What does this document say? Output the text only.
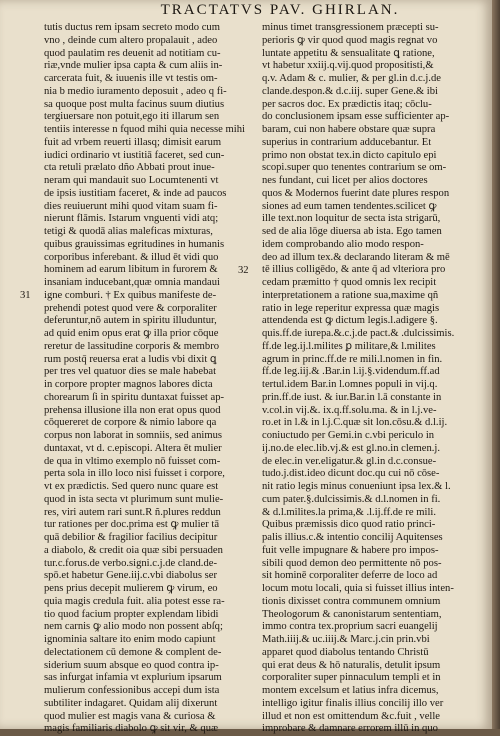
TRACTATVS PAV. GHIRLAN.
31
32
tutis ductus rem ipsam secreto modo cum
vno , deinde cum altero propalauit , adeo
quod paulatim res deuenit ad notitiam cu-
riæ,vnde mulier ipsa capta & cum aliis in-
carcerata fuit, & iuuenis ille vt testis om-
nia b medio iuramento deposuit , adeo q fi-
sa quoque post multa facinus suum diutius
tergiuersare non potuit,ego iti illarum sen
tentiis interesse n fquod mihi quia necesse mihi
fuit ad vrbem reuerti illasq; dimisit earum
iudici ordinario vt iustitiā faceret, sed cun-
cta retuli prælato dño Abbati prout inue-
neram qui mandauit suo Locumtenenti vt
de ipsis iustitiam faceret, & inde ad paucos
dies reuiuerunt mihi quod vitam suam fi-
nierunt flāmis. Istarum vnguenti vidi atq;
tetigi & quodā alias maleficas mixturas,
quibus grauissimas egritudines in humanis
corporibus inferebant. & illud ēt vidi quo
hominem ad earum libitum in furorem &
insaniam inducebant,quæ omnia mandaui
igne comburi. † Ex quibus manifeste de-
prehendi potest quod vere & corporaliter
deferuntur,nō autem in spiritu illuduntur,
ad quid enim opus erat ꝙ illa prior cōque
reretur de lassitudine corporis & membro
rum postq̄ reuersa erat a ludis vbi dixit ꝗ
per tres vel quatuor dies se male habebat
in corpore propter magnos labores dicta
chorearum ſi in spiritu duntaxat fuisset ap-
prehensa illusione illa non erat opus quod
cōquereret de corpore & nimio labore qa
corpus non laborat in somniis, sed animus
duntaxat, vt d. c.episcopi. Altera ēt mulier
de qua in vltimo exemplo nō fuisset com-
perta sola in illo loco nisi fuisset i corpore,
vt ex prædictis. Sed quero nunc quare est
quod in ista secta vt plurimum sunt mulie-
res, viri autem rari sunt.R ñ.plures reddun
tur rationes per doc.prima est ꝙ mulier tā
quā debilior & fragilior facilius decipitur
a diabolo, & credit oia quæ sibi persuaden
tur.c.forus.de verbo.signi.c.j.de cland.de-
spō.et habetur Gene.iij.c.vbi diabolus ser
pens prius decepit mulierem ꝙ virum, eo
quia magis credula fuit. alia potest esse ra-
tio quod facium propter explendam libidi
nem carnis ꝙ alio modo non possent abſq;
ignominia saltare ito enim modo capiunt
delectationem cū demone & complent de-
siderium suum absque eo quod contra ip-
sas infurgat infamia vt explurium ipsarum
mulierum confessionibus accepi dum ista
subtiliter indagaret. Quidam alij dixerunt
quod mulier est magis vana & curiosa &
magis familiaris diabolo ꝙ sit vir, & quæ
minus timet transgressionem præcepti su-
perioris ꝙ vir quod quod magis regnat vo
luntate appetitu & sensualitate ꝗ ratione,
vt habetur xxiij.q.vij.quod propositisti,&
q.v. Adam & c. mulier, & per gl.in d.c.j.de
clande.despon.& d.c.iij. super Gene.& ibi
per sacros doc. Ex prædictis itaq; cōclu-
do conclusionem ipsam esse sufficienter ap-
baram, cui non habere obstare quæ supra
superius in contrarium adducebantur. Et
primo non obstat tex.in dicto capitulo epi
scopi.super quo tenentes contrarium se om-
nes fundant, cui licet per alios doctores
quos & Modernos fuerint date plures respon
siones ad eum tamen tendentes.scilicet ꝙ
ille text.non loquitur de secta ista strigarū,
sed de alia lōge diuersa ab ista. Ego tamen
idem comprobando alio modo respon-
deo ad illum tex.& declarando literam & mē
tē illius colligēdo, & ante q̄ ad vlteriora pro
cedam præmitto † quod omnis lex recipit
interpretationem a ratione sua,maxime qñ
ratio in lege reperitur expressa quæ magis
attendenda est ꝙ dictum legis.l.adigere §.
quis.ff.de iurepa.&.c.j.de pact.& .dulcissimis.
ff.de leg.ij.l.milites ꝑ militare,& l.milites
agrum in princ.ff.de re mili.l.nomen in fin.
ff.de leg.iij.& .Bar.in l.ij.§.videndum.ff.ad
tertul.idem Bar.in l.omnes populi in vij.q.
prin.ff.de iust. & iur.Bar.in l.ā constante in
v.col.in vij.&. ix.q.ff.solu.ma. & in l.j.ve-
ro.et in l.& in l.j.C.quæ sit lon.cōsu.& d.l.ij.
coniuctudo per Gemi.in c.vbi periculo in
ij.no.de elec.lib.vj.& est gl.no.in clemen.j.
de elec.in ver.eligatur.& gl.in d.c.consue-
tudo.j.dist.ideo dicunt doc.qu cui nō cōse-
nit ratio legis minus conueniunt ipsa lex.& l.
cum pater.§.dulcissimis.& d.l.nomen in fi.
& d.l.milites.la prima,& .l.ij.ff.de re mili.
Quibus præmissis dico quod ratio princi-
palis illius.c.& intentio concilij Aquitenses
fuit velle impugnare & habere pro impos-
sibili quod demon deo permittente nō pos-
sit hominē corporaliter deferre de loco ad
locum motu locali, quia si fuisset illius inten-
tionis dixisset contra communem omnium
Theologorum & canonistarum sententiam,
immo contra tex.proprium sacri euangelij
Math.iiij.& uc.iiij.& Marc.j.cin prin.vbi
apparet quod diabolus tentando Christū
qui erat deus & hō naturalis, detulit ipsum
corporaliter super pinnaculum templi et in
montem excelsum et latius infra dicemus,
intelligo igitur finalis illius concilij illo ver
illud et non est omittendum &c.fuit , velle
improbare & damnare errorem illū in quo
